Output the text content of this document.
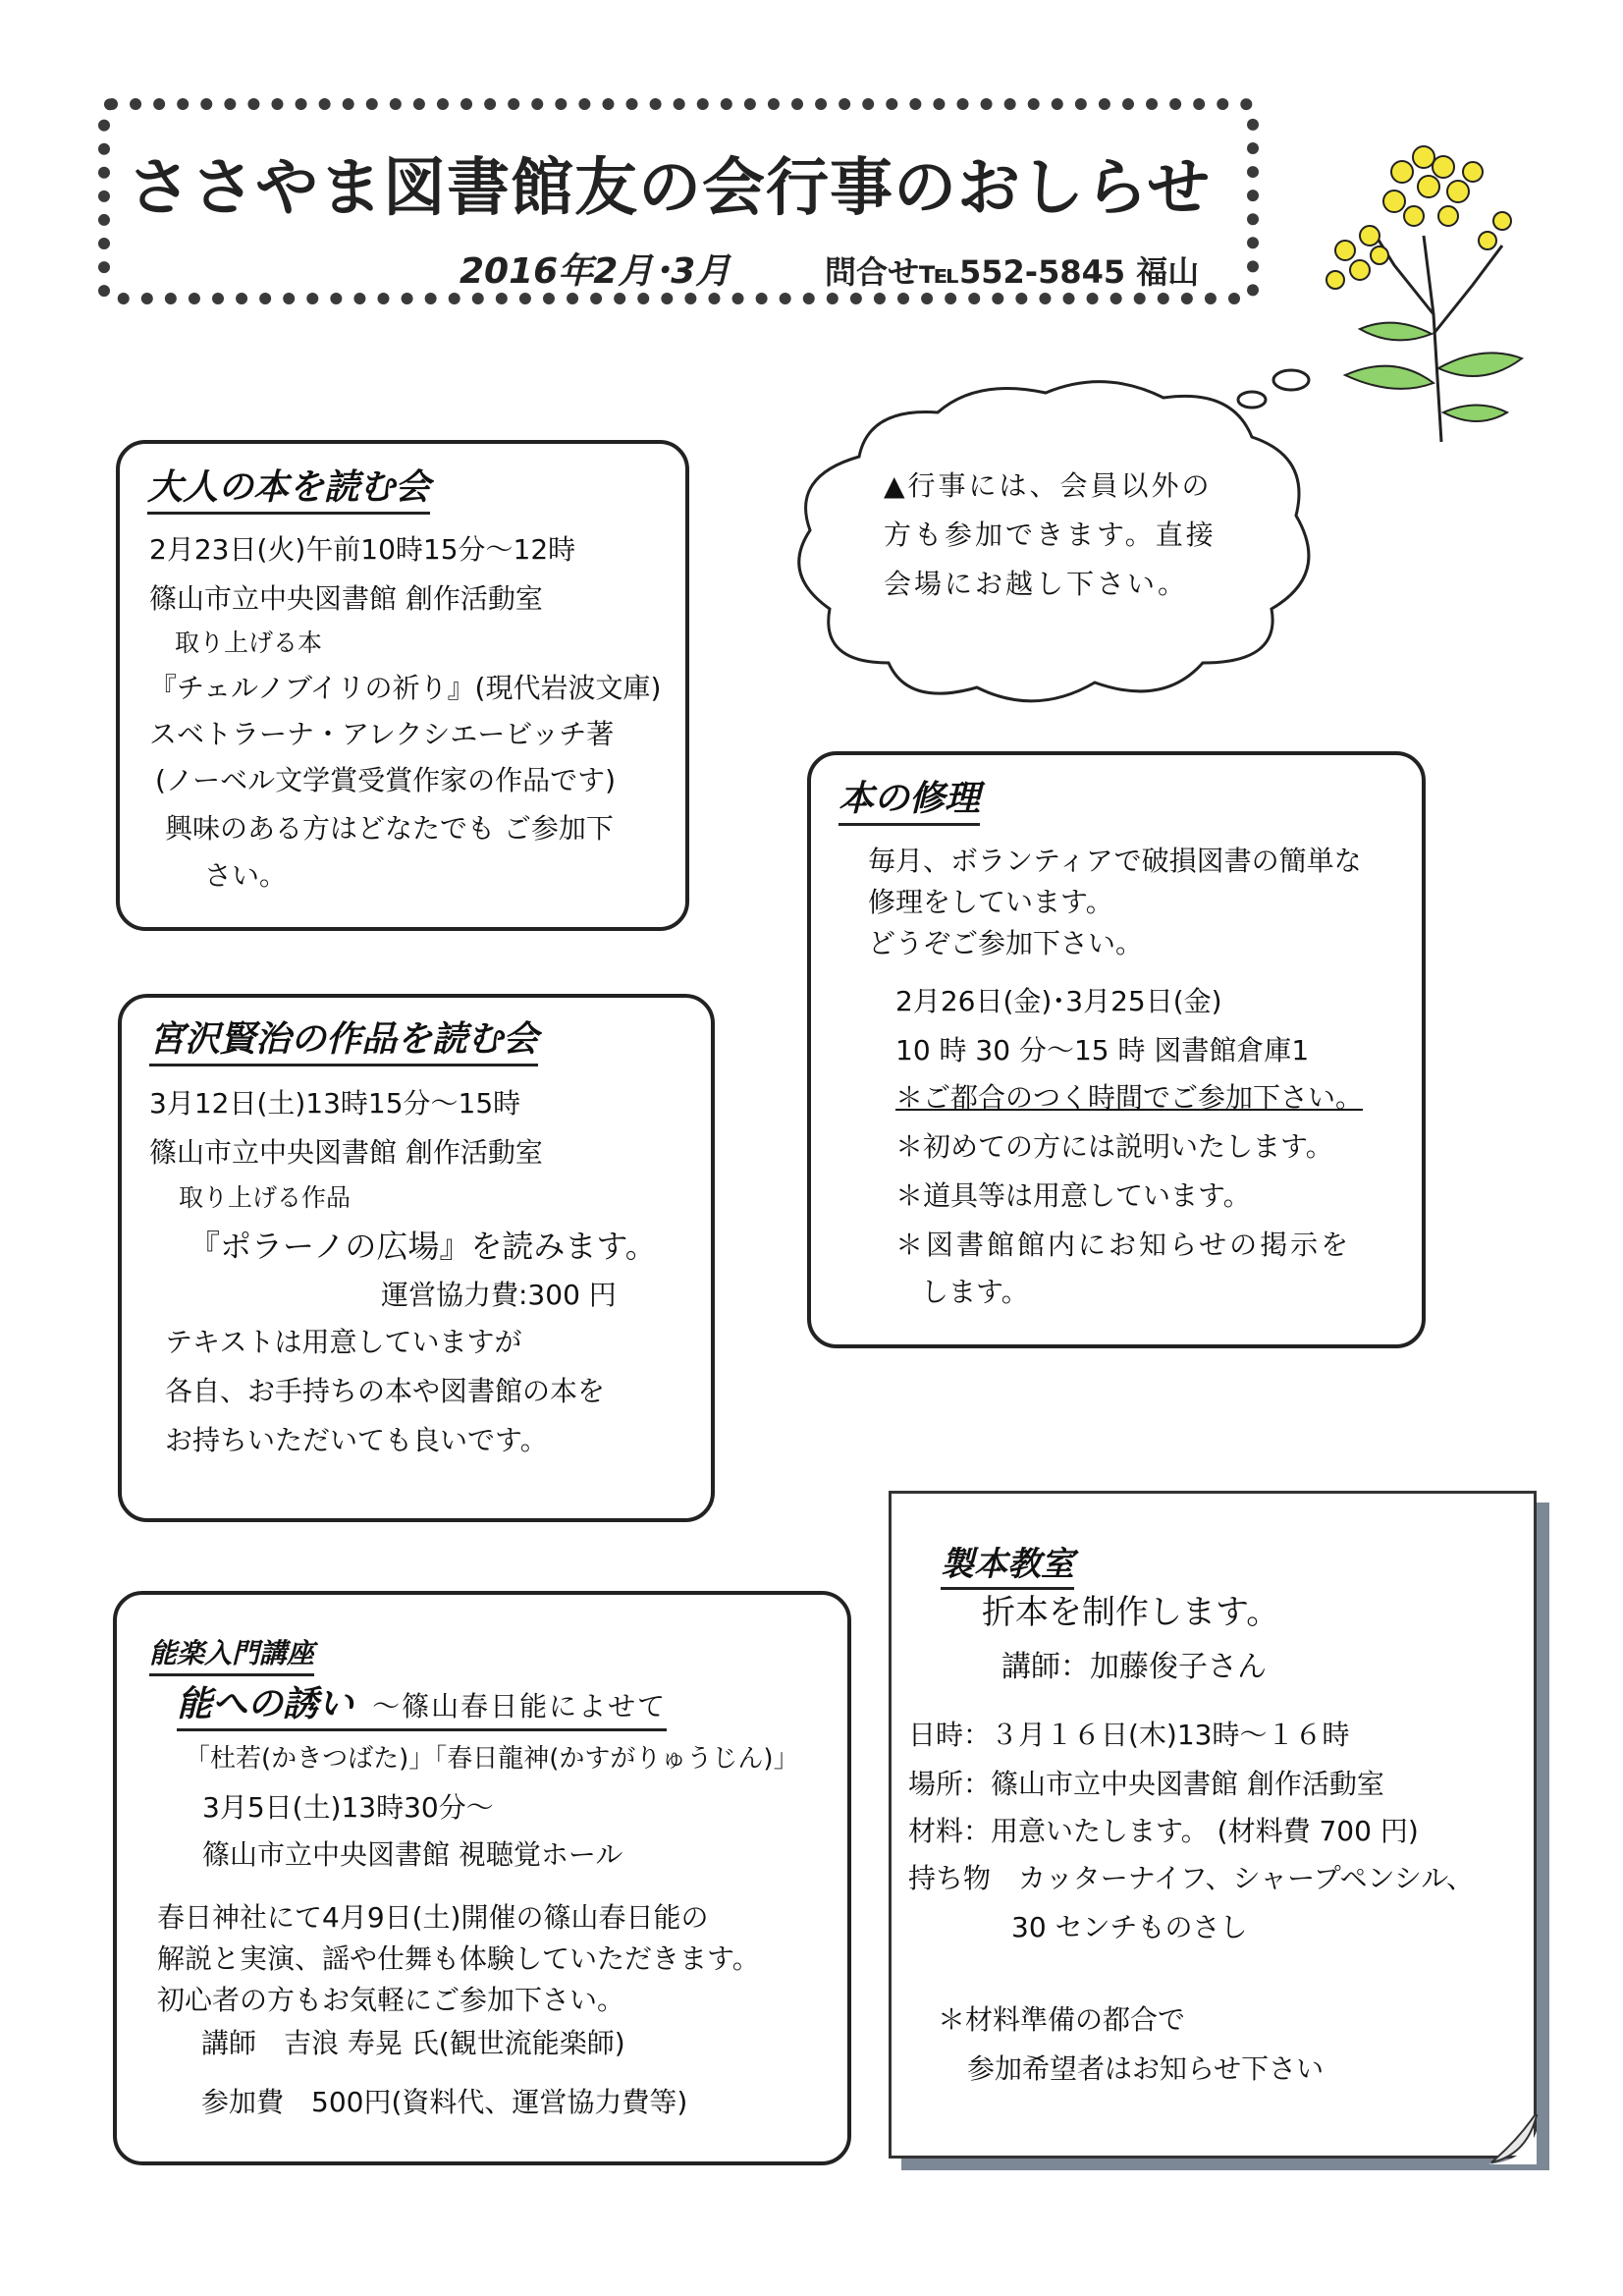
ささやま図書館友の会行事のおしらせ
2016年2月･3月	問合せ℡552-5845 福山
▲行事には、会員以外の
方も参加できます。直接
会場にお越し下さい。
大人の本を読む会
2月23日(火)午前10時15分～12時
篠山市立中央図書館 創作活動室
取り上げる本
『チェルノブイリの祈り』(現代岩波文庫)
スベトラーナ・アレクシエービッチ著
(ノーベル文学賞受賞作家の作品です)
興味のある方はどなたでも ご参加下
さい。
宮沢賢治の作品を読む会
3月12日(土)13時15分～15時
篠山市立中央図書館 創作活動室
取り上げる作品
『ポラーノの広場』を読みます。
運営協力費:300 円
テキストは用意していますが
各自、お手持ちの本や図書館の本を
お持ちいただいても良いです。
本の修理
毎月、ボランティアで破損図書の簡単な
修理をしています。
どうぞご参加下さい。
2月26日(金)･3月25日(金)
10 時 30 分～15 時 図書館倉庫1
＊ご都合のつく時間でご参加下さい。
＊初めての方には説明いたします。
＊道具等は用意しています。
＊図書館館内にお知らせの掲示を
します。
能楽入門講座
能への誘い ～篠山春日能によせて
「杜若(かきつばた)」「春日龍神(かすがりゅうじん)」
3月5日(土)13時30分～
篠山市立中央図書館 視聴覚ホール
春日神社にて4月9日(土)開催の篠山春日能の
解説と実演、謡や仕舞も体験していただきます。
初心者の方もお気軽にご参加下さい。
講師　吉浪 寿晃 氏(観世流能楽師)
参加費　500円(資料代、運営協力費等)
製本教室
折本を制作します。
講師：加藤俊子さん
日時：３月１６日(木)13時～１６時
場所：篠山市立中央図書館 創作活動室
材料：用意いたします。 (材料費 700 円)
持ち物　カッターナイフ、シャープペンシル、
30 センチものさし
＊材料準備の都合で
参加希望者はお知らせ下さい
